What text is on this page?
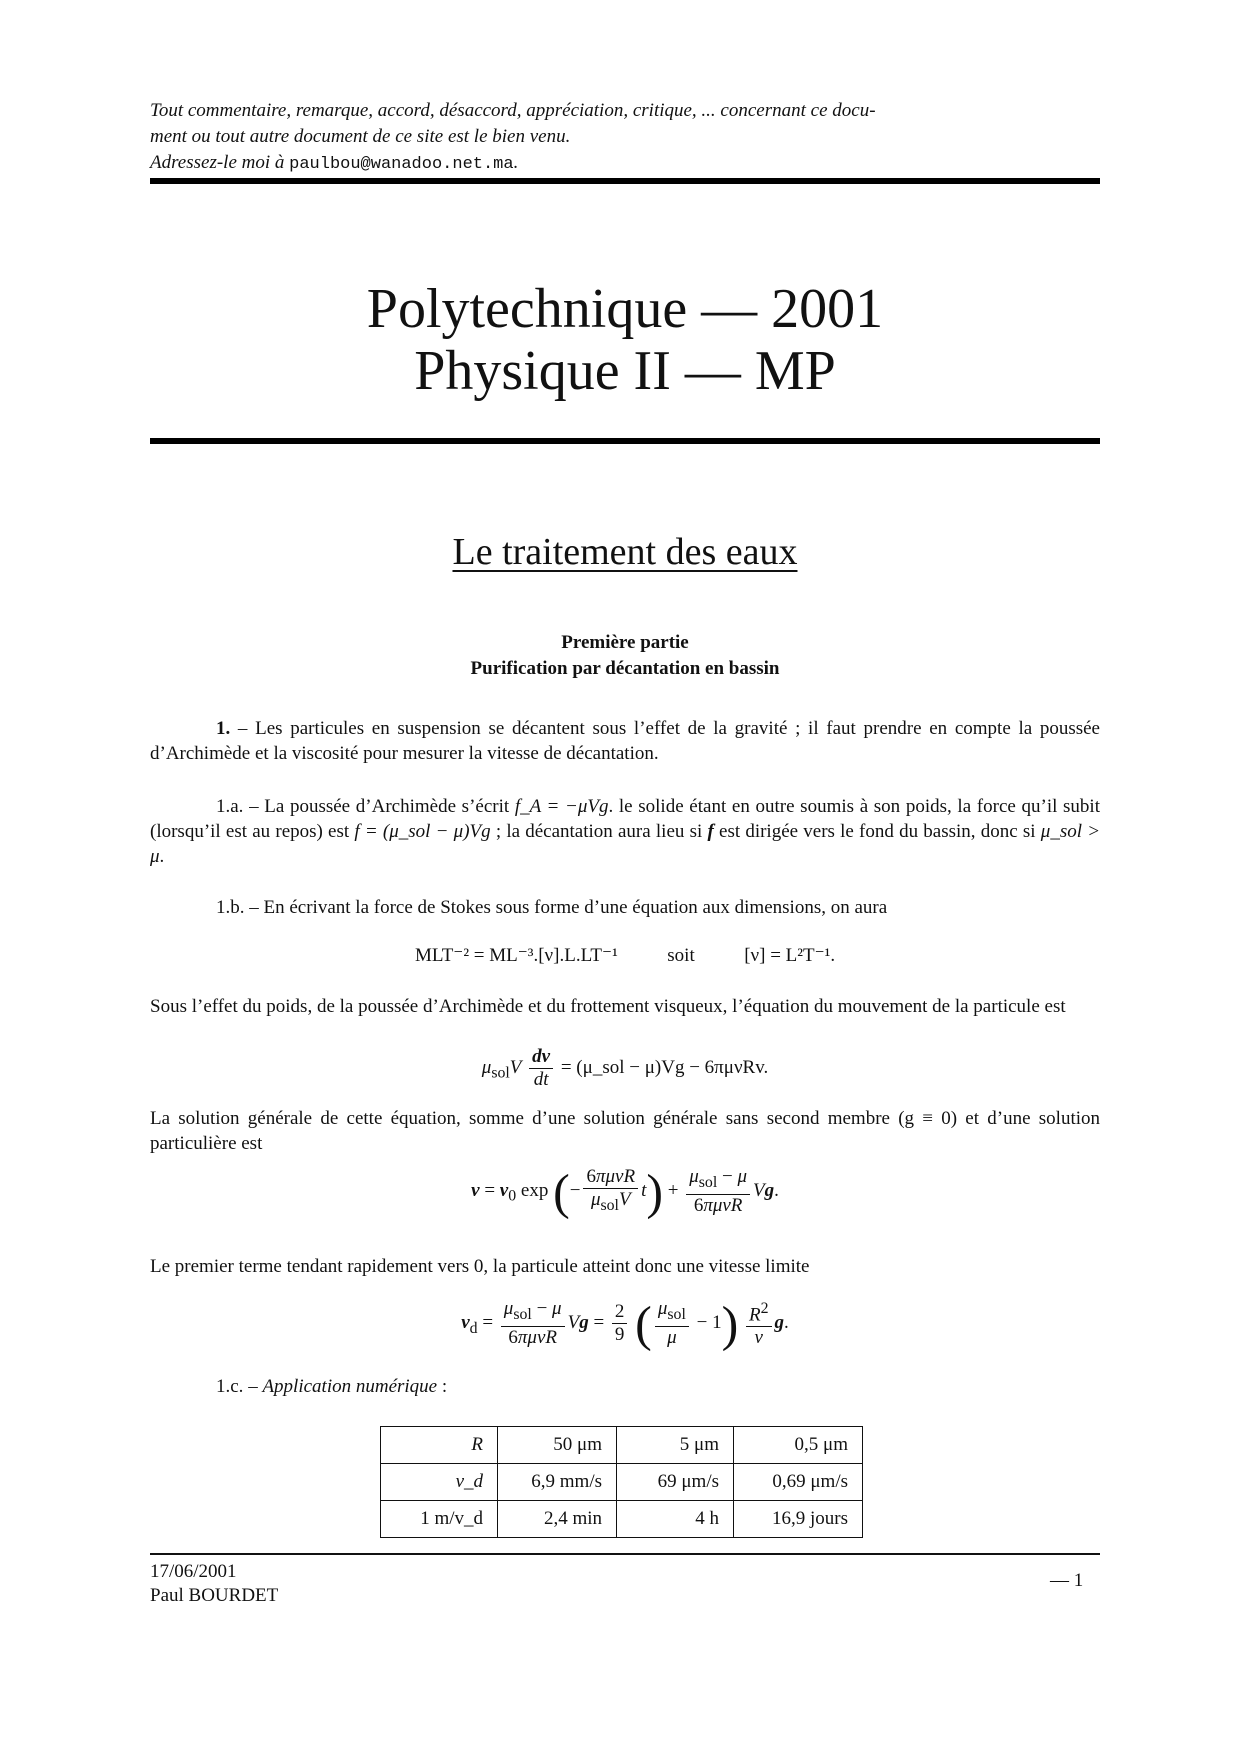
Tout commentaire, remarque, accord, désaccord, appréciation, critique, ... concernant ce docu-
ment ou tout autre document de ce site est le bien venu.
Adressez-le moi à paulbou@wanadoo.net.ma.
Polytechnique — 2001
Physique II — MP
Le traitement des eaux
Première partie
Purification par décantation en bassin
1. – Les particules en suspension se décantent sous l’effet de la gravité ; il faut prendre en compte la poussée d’Archimède et la viscosité pour mesurer la vitesse de décantation.
1.a. – La poussée d’Archimède s’écrit f_A = −μVg. le solide étant en outre soumis à son poids, la force qu’il subit (lorsqu’il est au repos) est f = (μ_sol − μ)Vg ; la décantation aura lieu si f est dirigée vers le fond du bassin, donc si μ_sol > μ.
1.b. – En écrivant la force de Stokes sous forme d’une équation aux dimensions, on aura
MLT⁻² = ML⁻³.[ν].L.LT⁻¹	soit	[ν] = L²T⁻¹.
Sous l’effet du poids, de la poussée d’Archimède et du frottement visqueux, l’équation du mouvement de la particule est
$\mu_{sol}V \frac{dv}{dt}$ = (μ_sol − μ)Vg − 6πμνRv.
La solution générale de cette équation, somme d’une solution générale sans second membre (g ≡ 0) et d’une solution particulière est
$v = v_0$ exp (− $\frac{\text{6πμνR}}{\mu_{sol}V} t) + \frac{\mu_{sol} - \mu}{\text{6πμνR}} Vg$.
Le premier terme tendant rapidement vers 0, la particule atteint donc une vitesse limite
$v_d = \frac{\mu_{sol} - \mu}{\text{6πμνR}}$ $Vg = \frac{2}{9}$ ( $\frac{\mu_{sol}}{\mu} - 1) \frac{R^2}{\nu} g$.
1.c. – Application numérique :
R	50 μm	5 μm	0,5 μm
v_d	6,9 mm/s	69 μm/s	0,69 μm/s
1 m/v_d	2,4 min	4 h	16,9 jours
17/06/2001
Paul BOURDET
— 1
